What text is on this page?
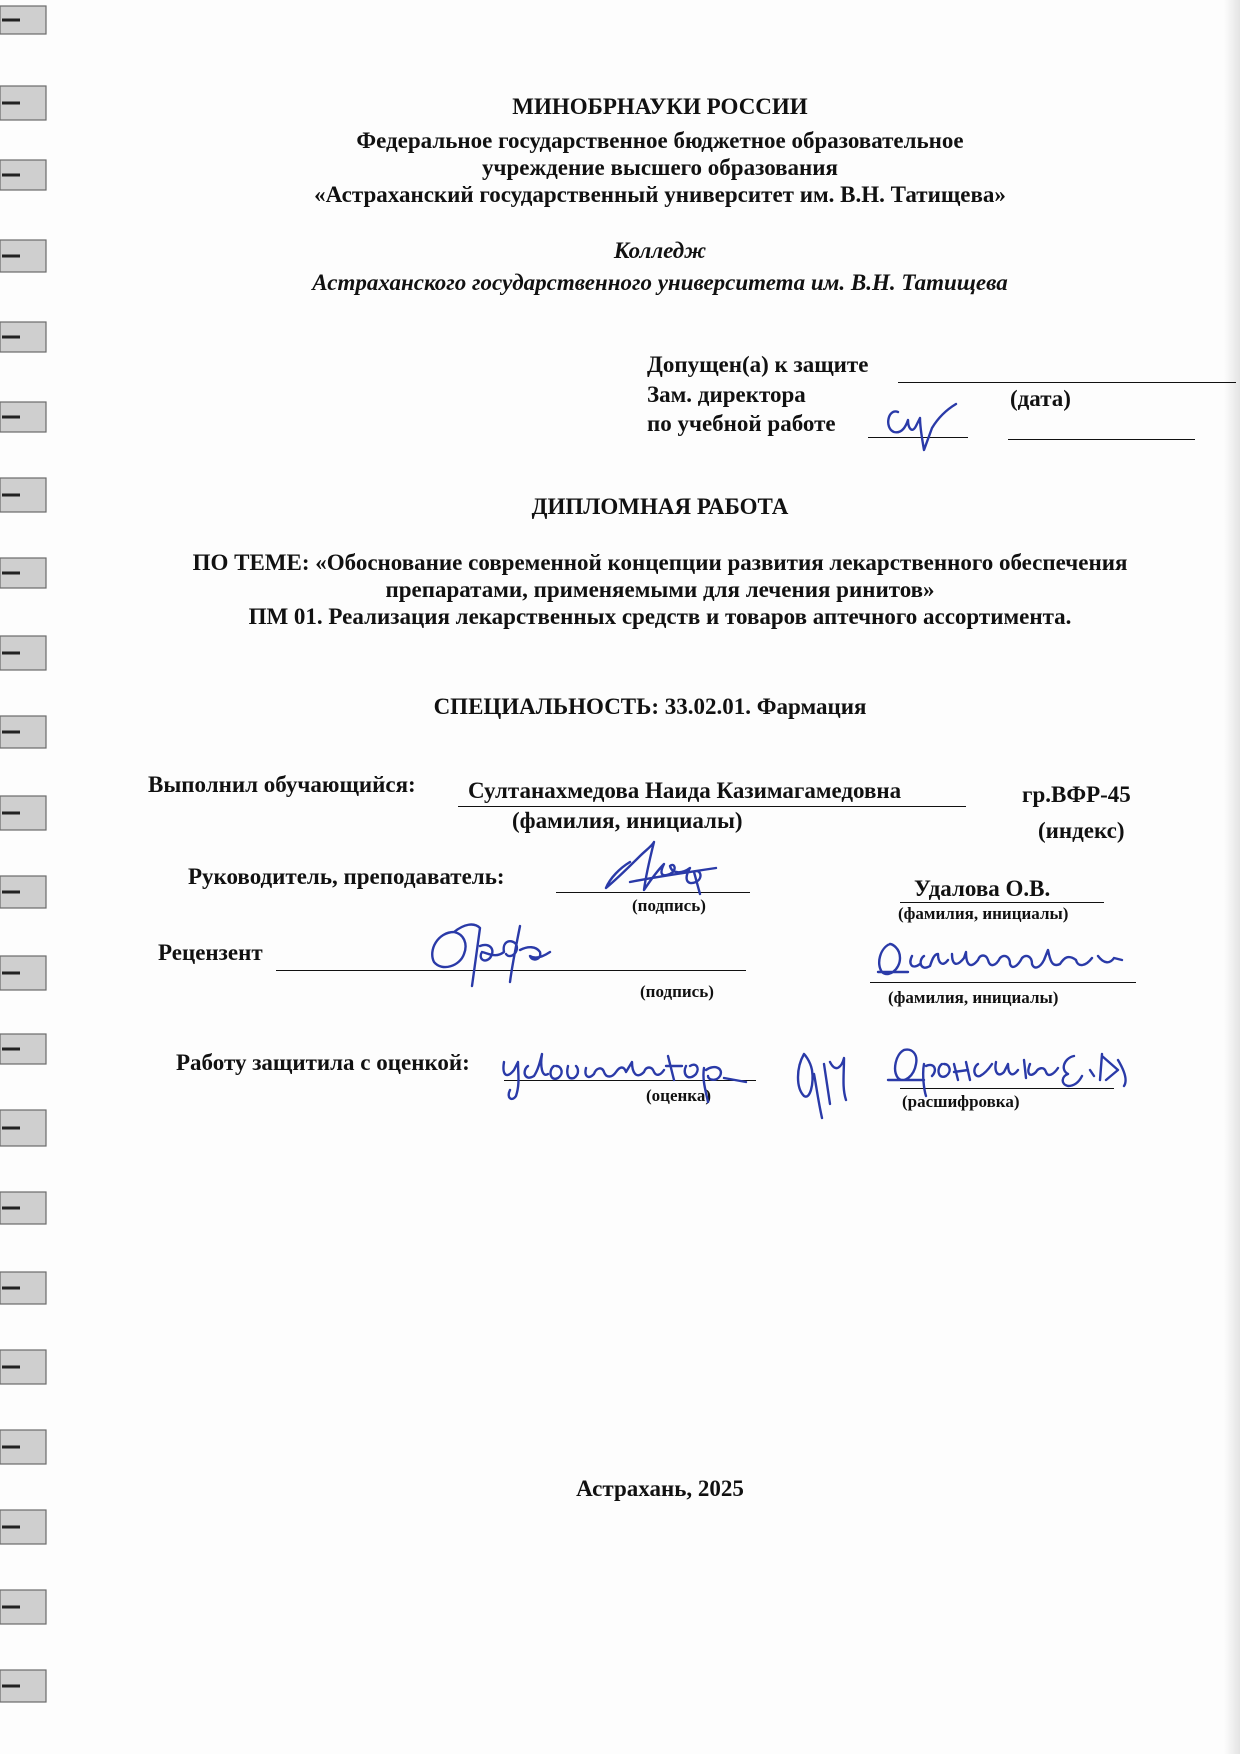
МИНОБРНАУКИ РОССИИ
Федеральное государственное бюджетное образовательное
учреждение высшего образования
«Астраханский государственный университет им. В.Н. Татищева»
Колледж
Астраханского государственного университета им. В.Н. Татищева
Допущен(а) к защите
Зам. директора	(дата)
по учебной работе
ДИПЛОМНАЯ РАБОТА
ПО ТЕМЕ: «Обоснование современной концепции развития лекарственного обеспечения
препаратами, применяемыми для лечения ринитов»
ПМ 01. Реализация лекарственных средств и товаров аптечного ассортимента.
СПЕЦИАЛЬНОСТЬ: 33.02.01. Фармация
Выполнил обучающийся: Султанахмедова Наида Казимагамедовна	гр.ВФР-45
(фамилия, инициалы)	(индекс)
Руководитель, преподаватель:
(подпись)
Удалова О.В.
(фамилия, инициалы)
Рецензент
(подпись)	(фамилия, инициалы)
Работу защитила с оценкой:
(оценка)	(расшифровка)
Астрахань, 2025
